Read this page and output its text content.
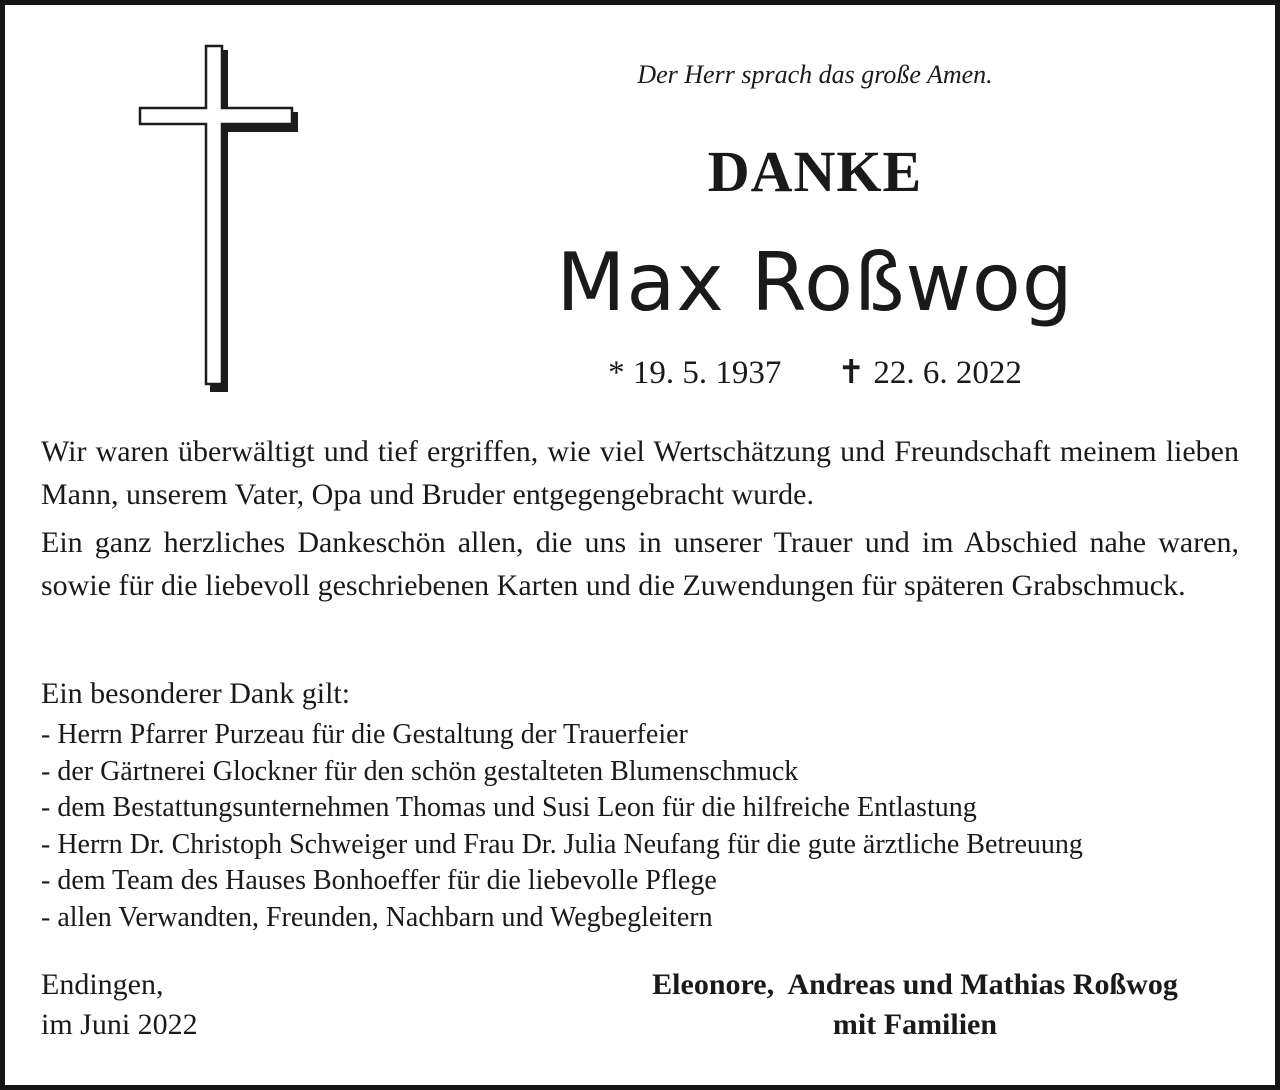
Der Herr sprach das große Amen.
DANKE
Max Roßwog
* 19. 5. 1937 ✝ 22. 6. 2022
Wir waren überwältigt und tief ergriffen, wie viel Wertschätzung und Freundschaft meinem lieben Mann, unserem Vater, Opa und Bruder entgegengebracht wurde.
Ein ganz herzliches Dankeschön allen, die uns in unserer Trauer und im Abschied nahe waren, sowie für die liebevoll geschriebenen Karten und die Zuwendungen für späteren Grabschmuck.
Ein besonderer Dank gilt:
- Herrn Pfarrer Purzeau für die Gestaltung der Trauerfeier
- der Gärtnerei Glockner für den schön gestalteten Blumenschmuck
- dem Bestattungsunternehmen Thomas und Susi Leon für die hilfreiche Entlastung
- Herrn Dr. Christoph Schweiger und Frau Dr. Julia Neufang für die gute ärztliche Betreuung
- dem Team des Hauses Bonhoeffer für die liebevolle Pflege
- allen Verwandten, Freunden, Nachbarn und Wegbegleitern
Endingen,
im Juni 2022
Eleonore,  Andreas und Mathias Roßwog
mit Familien
